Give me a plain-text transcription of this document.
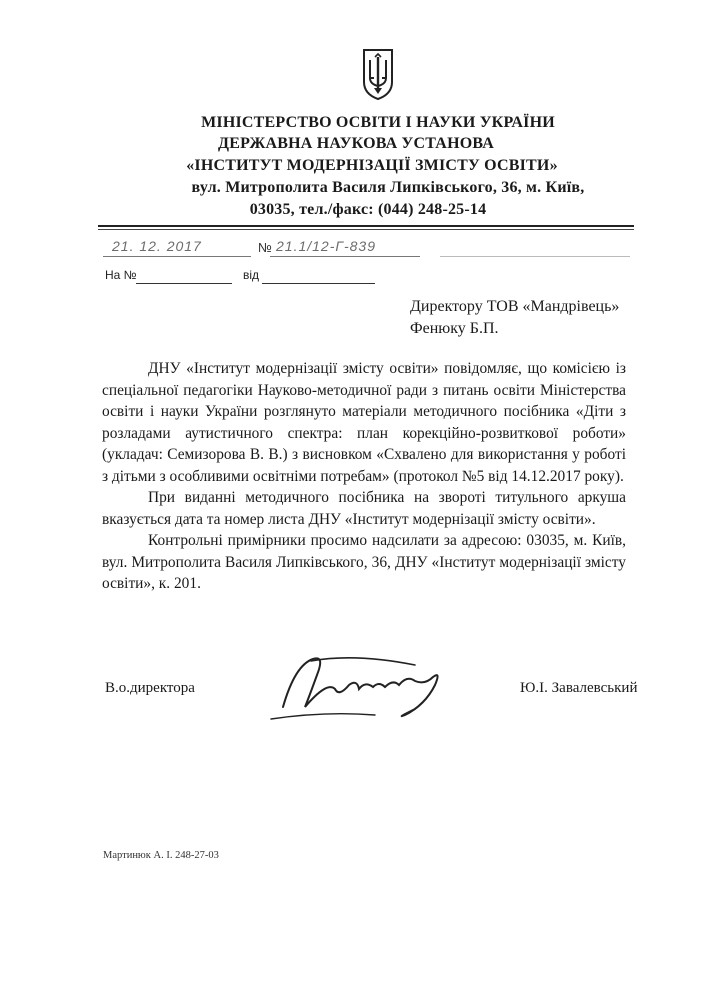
МІНІСТЕРСТВО ОСВІТИ І НАУКИ УКРАЇНИ
ДЕРЖАВНА НАУКОВА УСТАНОВА
«ІНСТИТУТ МОДЕРНІЗАЦІЇ ЗМІСТУ ОСВІТИ»
вул. Митрополита Василя Липківського, 36, м. Київ,
03035, тел./факс: (044) 248-25-14
21. 12. 2017	№ 21.1/12-Г-839
На №	від
Директору ТОВ «Мандрівець»
Фенюку Б.П.

ДНУ «Інститут модернізації змісту освіти» повідомляє, що комісією із спеціальної педагогіки Науково-методичної ради з питань освіти Міністерства освіти і науки України розглянуто матеріали методичного посібника «Діти з розладами аутистичного спектра: план корекційно-розвиткової роботи» (укладач: Семизорова В. В.) з висновком «Схвалено для використання у роботі з дітьми з особливими освітніми потребам» (протокол №5 від 14.12.2017 року).

При виданні методичного посібника на звороті титульного аркуша вказується дата та номер листа ДНУ «Інститут модернізації змісту освіти».

Контрольні примірники просимо надсилати за адресою: 03035, м. Київ, вул. Митрополита Василя Липківського, 36, ДНУ «Інститут модернізації змісту освіти», к. 201.

В.о.директора	Ю.І. Завалевський
Мартинюк А. І. 248-27-03
